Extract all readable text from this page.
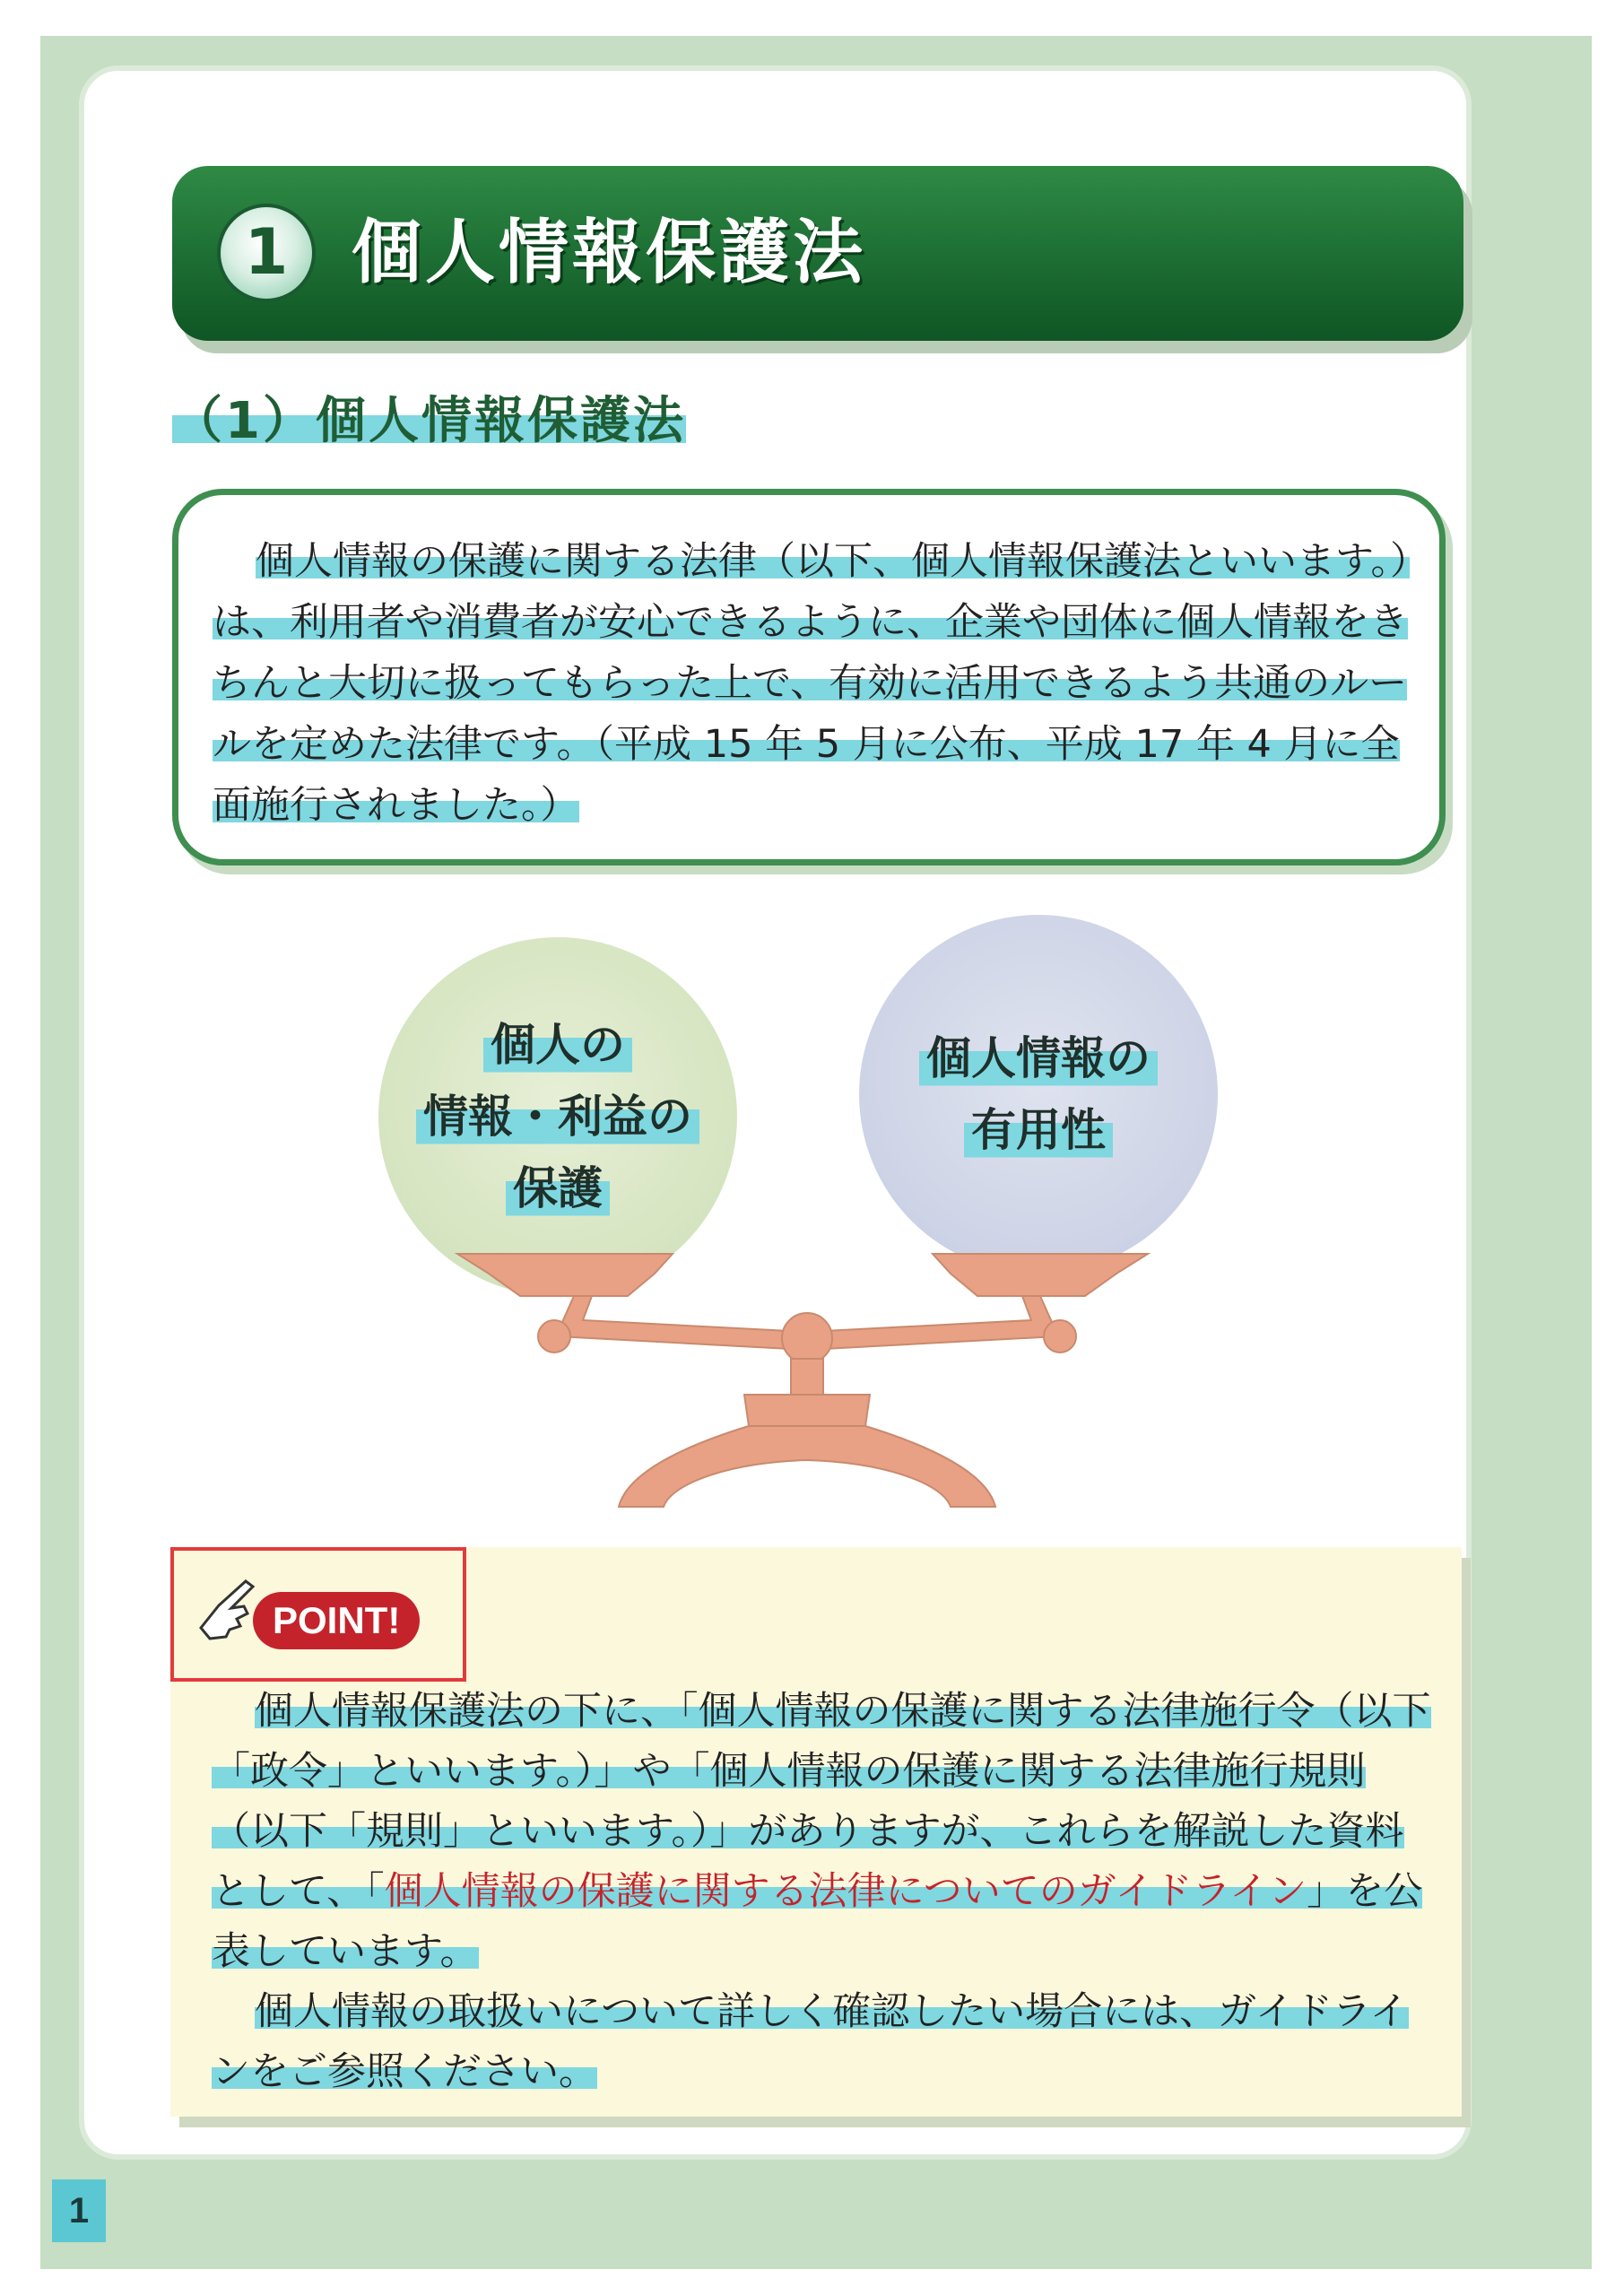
1 個人情報保護法
（1）個人情報保護法

個人情報の保護に関する法律（以下、個人情報保護法といいます。）は、利用者や消費者が安心できるように、企業や団体に個人情報をきちんと大切に扱ってもらった上で、有効に活用できるよう共通のルールを定めた法律です。（平成 15 年 5 月に公布、平成 17 年 4 月に全面施行されました。）

個人の
情報・利益の
保護
個人情報の
有用性
POINT!

個人情報保護法の下に、「個人情報の保護に関する法律施行令（以下「政令」といいます。）」や「個人情報の保護に関する法律施行規則（以下「規則」といいます。）」がありますが、これらを解説した資料として、「個人情報の保護に関する法律についてのガイドライン」を公表しています。

個人情報の取扱いについて詳しく確認したい場合には、ガイドラインをご参照ください。

1
